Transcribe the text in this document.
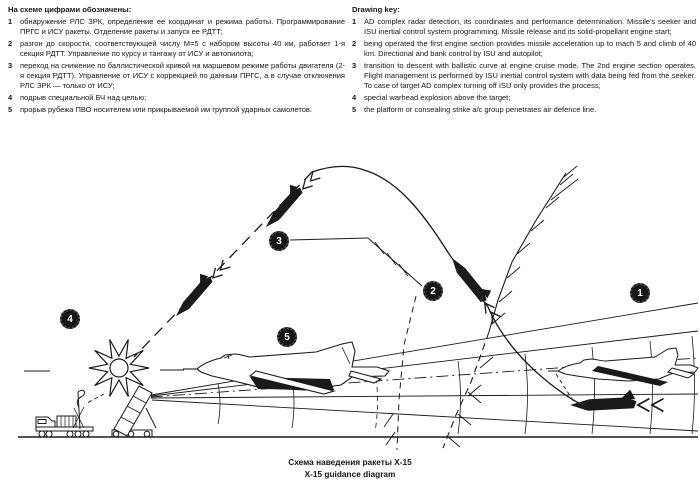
На схеме цифрами обозначены:
1	обнаружение РЛС ЗРК, определение ее координат и режима работы. Программирование ПРГС и ИСУ ракеты. Отделение ракеты и запуск ее РДТТ;
2	разгон до скорости, соответствующей числу М=5 с набором высоты 40 км, работает 1-я секция РДТТ. Управление по курсу и тангажу от ИСУ и автопилота;
3	переход на снижение по баллистической кривой на маршевом режиме работы двигателя (2-я секция РДТТ). Управление от ИСУ с коррекцией по данным ПРГС, а в случае отключения РЛС ЗРК — только от ИСУ;
4	подрыв специальной БЧ над целью;
5	прорыв рубежа ПВО носителем или прикрываемой им группой ударных самолетов.
Drawing key:
1	AD complex radar detection, its coordinates and performance determination. Missile's seeker and ISU inertial control system programming. Missile release and its solid-propellant engine start;
2	being operated the first engine section provides missile acceleration up to mach 5 and climb of 40 km. Directional and bank control by ISU and autopilot;
3	transition to descent with ballistic curve at engine cruise mode. The 2nd engine section operates. Flight management is performed by ISU inertial control system with data being fed from the seeker. To case of target AD complex turning off ISU only provides the process;
4	special warhead explosion above the target;
5	the platform or consealing strike a/c group penetrates air defence line.
1
2
3
4
5
Схема наведения ракеты Х-15
X-15 guidance diagram
